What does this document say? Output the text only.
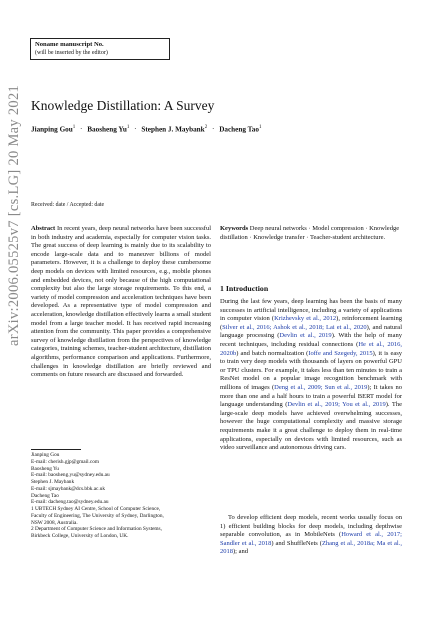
Noname manuscript No.
(will be inserted by the editor)
Knowledge Distillation: A Survey
Jianping Gou$^1$ · Baosheng $Yu^1$ · Stephen J. Maybank$^2$ · Dacheng Tao$^1$
arXiv:2006.05525v7 [cs.LG] 20 May 2021 Received: date / Accepted: date

Abstract In recent years, deep neural networks have been successful in both industry and academia, especially for computer vision tasks. The great success of deep learning is mainly due to its scalability to encode large-scale data and to maneuver billions of model parameters. However, it is a challenge to deploy these cumbersome deep models on devices with limited resources, e.g., mobile phones and embedded devices, not only because of the high computational complexity but also the large storage requirements. To this end, a variety of model compression and acceleration techniques have been developed. As a representative type of model compression and acceleration, knowledge distillation effectively learns a small student model from a large teacher model. It has received rapid increasing attention from the community. This paper provides a comprehensive survey of knowledge distillation from the perspectives of knowledge categories, training schemes, teacher-student architecture, distillation algorithms, performance comparison and applications. Furthermore, challenges in knowledge distillation are briefly reviewed and comments on future research are discussed and forwarded.

Keywords Deep neural networks · Model compression · Knowledge distillation · Knowledge transfer · Teacher-student architecture.

1 Introduction

During the last few years, deep learning has been the basis of many successes in artificial intelligence, including a variety of applications in computer vision (Krizhevsky et al., 2012), reinforcement learning (Silver et al., 2016; Ashok et al., 2018; Lai et al., 2020), and natural language processing (Devlin et al., 2019). With the help of many recent techniques, including residual connections (He et al., 2016, 2020b) and batch normalization (Ioffe and Szegedy, 2015), it is easy to train very deep models with thousands of layers on powerful GPU or TPU clusters. For example, it takes less than ten minutes to train a ResNet model on a popular image recognition benchmark with millions of images (Deng et al., 2009; Sun et al., 2019); It takes no more than one and a half hours to train a powerful BERT model for language understanding (Devlin et al., 2019; You et al., 2019). The large-scale deep models have achieved overwhelming successes, however the huge computational complexity and massive storage requirements make it a great challenge to deploy them in real-time applications, especially on devices with limited resources, such as video surveillance and autonomous driving cars.

To develop efficient deep models, recent works usually focus on 1) efficient building blocks for deep models, including depthwise separable convolution, as in MobileNets (Howard et al., 2017; Sandler et al., 2018) and ShuffleNets (Zhang et al., 2018a; Ma et al., 2018); and

Jianping Gou

E-mail: cherish.gjp@gmail.com

Baosheng Yu

E-mail: baosheng.yu@sydney.edu.au

Stephen J. Maybank

E-mail: sjmaybank@dcs.bbk.ac.uk

Dacheng Tao

E-mail: dacheng.tao@sydney.edu.au

1 UBTECH Sydney AI Centre, School of Computer Science,

Faculty of Engineering, The University of Sydney, Darlington,

NSW 2008, Australia.

2 Department of Computer Science and Information Systems,

Birkbeck College, University of London, UK.
